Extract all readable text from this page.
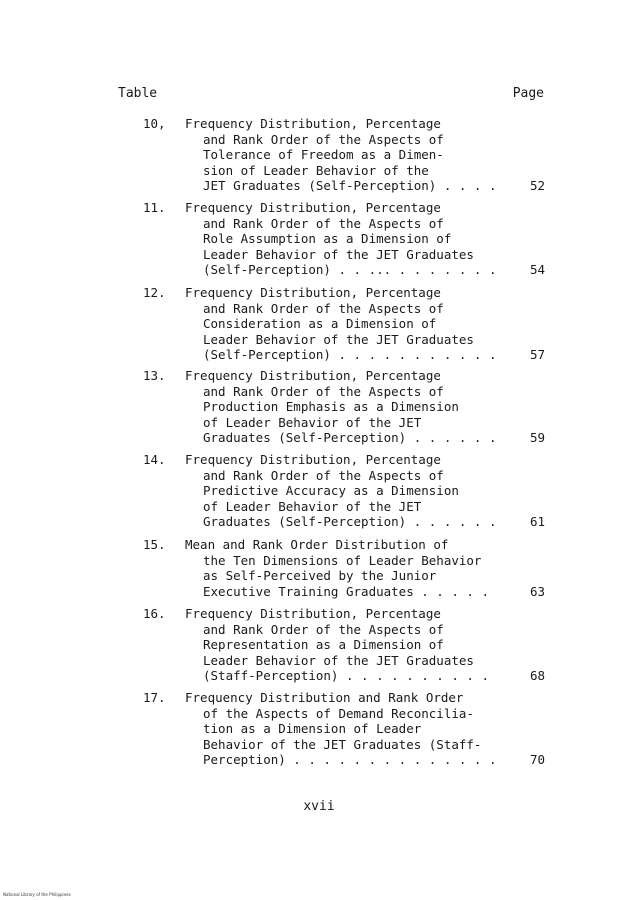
Table	Page
10,	Frequency Distribution, Percentage
and Rank Order of the Aspects of
Tolerance of Freedom as a Dimen-
sion of Leader Behavior of the
JET Graduates (Self-Perception) . . . .	52
11.	Frequency Distribution, Percentage
and Rank Order of the Aspects of
Role Assumption as a Dimension of
Leader Behavior of the JET Graduates
(Self-Perception) . . ... . . . . . . .	54
12.	Frequency Distribution, Percentage
and Rank Order of the Aspects of
Consideration as a Dimension of
Leader Behavior of the JET Graduates
(Self-Perception) . . . . . . . . . . .	57
13.	Frequency Distribution, Percentage
and Rank Order of the Aspects of
Production Emphasis as a Dimension
of Leader Behavior of the JET
Graduates (Self-Perception) . . . . . .	59
14.	Frequency Distribution, Percentage
and Rank Order of the Aspects of
Predictive Accuracy as a Dimension
of Leader Behavior of the JET
Graduates (Self-Perception) . . . . . .	61
15.	Mean and Rank Order Distribution of
the Ten Dimensions of Leader Behavior
as Self-Perceived by the Junior
Executive Training Graduates . . . . .	63
16.	Frequency Distribution, Percentage
and Rank Order of the Aspects of
Representation as a Dimension of
Leader Behavior of the JET Graduates
(Staff-Perception) . . . . . . . . . .	68
17.	Frequency Distribution and Rank Order
of the Aspects of Demand Reconcilia-
tion as a Dimension of Leader
Behavior of the JET Graduates (Staff-
Perception) . . . . . . . . . . . . . .	70
xvii
National Library of the Philippines
